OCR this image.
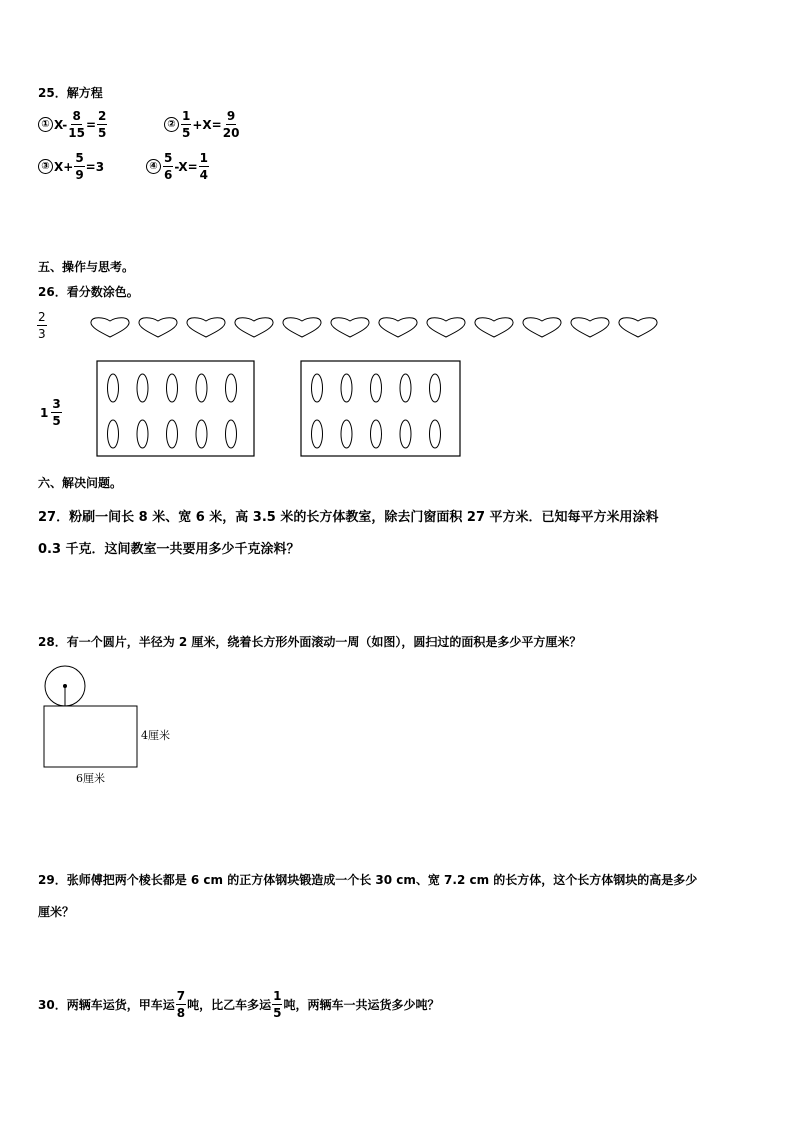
25．解方程
① $X- \frac{8}{15} = \frac{2}{5}$	② $\frac{1}{5} +X= \frac{9}{20}$
③ $X+ \frac{5}{9} =3$	④ $\frac{5}{6} -X= \frac{1}{4}$
五、操作与思考。
26．看分数涂色。
$\frac{2}{3}$
$1 \frac{3}{5}$
六、解决问题。
27．粉刷一间长 8 米、宽 6 米，高 3.5 米的长方体教室，除去门窗面积 27 平方米．已知每平方米用涂料
0.3 千克．这间教室一共要用多少千克涂料？
28．有一个圆片，半径为 2 厘米，绕着长方形外面滚动一周（如图），圆扫过的面积是多少平方厘米？
4厘米
6厘米
29．张师傅把两个棱长都是 6 cm 的正方体钢块锻造成一个长 30 cm、宽 7.2 cm 的长方体，这个长方体钢块的高是多少
厘米？
30．两辆车运货，甲车运 $\frac{7}{8}$ 吨，比乙车多运 $\frac{1}{5}$ 吨，两辆车一共运货多少吨？
